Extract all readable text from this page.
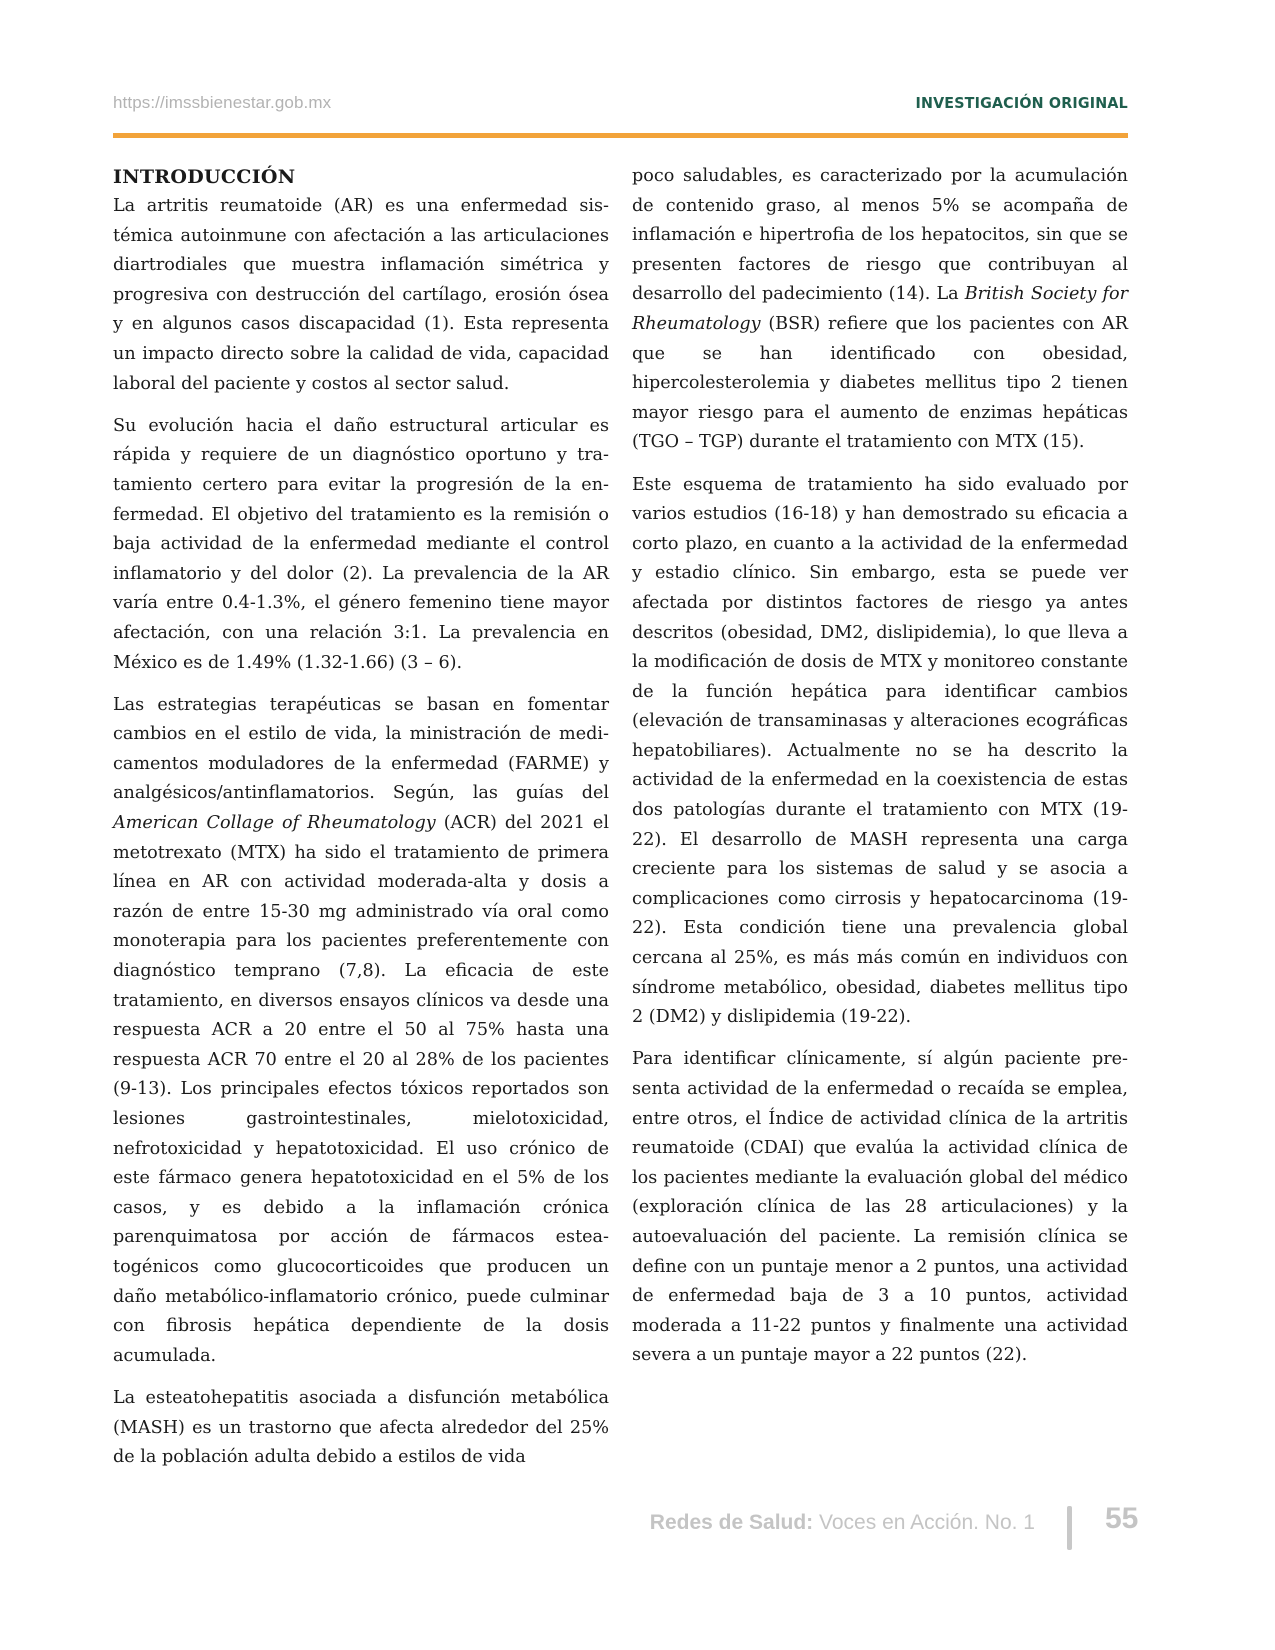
https://imssbienestar.gob.mx	INVESTIGACIÓN ORIGINAL
INTRODUCCIÓN

La artritis reumatoide (AR) es una enfermedad sistémica autoinmune con afectación a las articulaciones diartrodiales que muestra inflamación simétrica y progresiva con destrucción del cartílago, erosión ósea y en algunos casos discapacidad (1). Esta representa un impacto directo sobre la calidad de vida, capacidad laboral del paciente y costos al sector salud.

Su evolución hacia el daño estructural articular es rápida y requiere de un diagnóstico oportuno y tratamiento certero para evitar la progresión de la enfermedad. El objetivo del tratamiento es la remisión o baja actividad de la enfermedad mediante el control inflamatorio y del dolor (2). La prevalencia de la AR varía entre 0.4-1.3%, el género femenino tiene mayor afectación, con una relación 3:1. La prevalencia en México es de 1.49% (1.32-1.66) (3 – 6).

Las estrategias terapéuticas se basan en fomentar cambios en el estilo de vida, la ministración de medicamentos moduladores de la enfermedad (FARME) y analgésicos/antinflamatorios. Según, las guías del American Collage of Rheumatology (ACR) del 2021 el metotrexato (MTX) ha sido el tratamiento de primera línea en AR con actividad moderada-alta y dosis a razón de entre 15-30 mg administrado vía oral como monoterapia para los pacientes preferentemente con diagnóstico temprano (7,8). La eficacia de este tratamiento, en diversos ensayos clínicos va desde una respuesta ACR a 20 entre el 50 al 75% hasta una respuesta ACR 70 entre el 20 al 28% de los pacientes (9-13). Los principales efectos tóxicos reportados son lesiones gastrointestinales, mielotoxicidad, nefrotoxicidad y hepatotoxicidad. El uso crónico de este fármaco genera hepatotoxicidad en el 5% de los casos, y es debido a la inflamación crónica parenquimatosa por acción de fármacos esteatogénicos como glucocorticoides que producen un daño metabólico-inflamatorio crónico, puede culminar con fibrosis hepática dependiente de la dosis acumulada.

La esteatohepatitis asociada a disfunción metabólica (MASH) es un trastorno que afecta alrededor del 25% de la población adulta debido a estilos de vida

poco saludables, es caracterizado por la acumulación de contenido graso, al menos 5% se acompaña de inflamación e hipertrofia de los hepatocitos, sin que se presenten factores de riesgo que contribuyan al desarrollo del padecimiento (14). La British Society for Rheumatology (BSR) refiere que los pacientes con AR que se han identificado con obesidad, hipercolesterolemia y diabetes mellitus tipo 2 tienen mayor riesgo para el aumento de enzimas hepáticas (TGO – TGP) durante el tratamiento con MTX (15).

Este esquema de tratamiento ha sido evaluado por varios estudios (16-18) y han demostrado su eficacia a corto plazo, en cuanto a la actividad de la enfermedad y estadio clínico. Sin embargo, esta se puede ver afectada por distintos factores de riesgo ya antes descritos (obesidad, DM2, dislipidemia), lo que lleva a la modificación de dosis de MTX y monitoreo constante de la función hepática para identificar cambios (elevación de transaminasas y alteraciones ecográficas hepatobiliares). Actualmente no se ha descrito la actividad de la enfermedad en la coexistencia de estas dos patologías durante el tratamiento con MTX (19-22). El desarrollo de MASH representa una carga creciente para los sistemas de salud y se asocia a complicaciones como cirrosis y hepatocarcinoma (19-22). Esta condición tiene una prevalencia global cercana al 25%, es más más común en individuos con síndrome metabólico, obesidad, diabetes mellitus tipo 2 (DM2) y dislipidemia (19-22).

Para identificar clínicamente, sí algún paciente presenta actividad de la enfermedad o recaída se emplea, entre otros, el Índice de actividad clínica de la artritis reumatoide (CDAI) que evalúa la actividad clínica de los pacientes mediante la evaluación global del médico (exploración clínica de las 28 articulaciones) y la autoevaluación del paciente. La remisión clínica se define con un puntaje menor a 2 puntos, una actividad de enfermedad baja de 3 a 10 puntos, actividad moderada a 11-22 puntos y finalmente una actividad severa a un puntaje mayor a 22 puntos (22).

Redes de Salud: Voces en Acción. No. 1 55
